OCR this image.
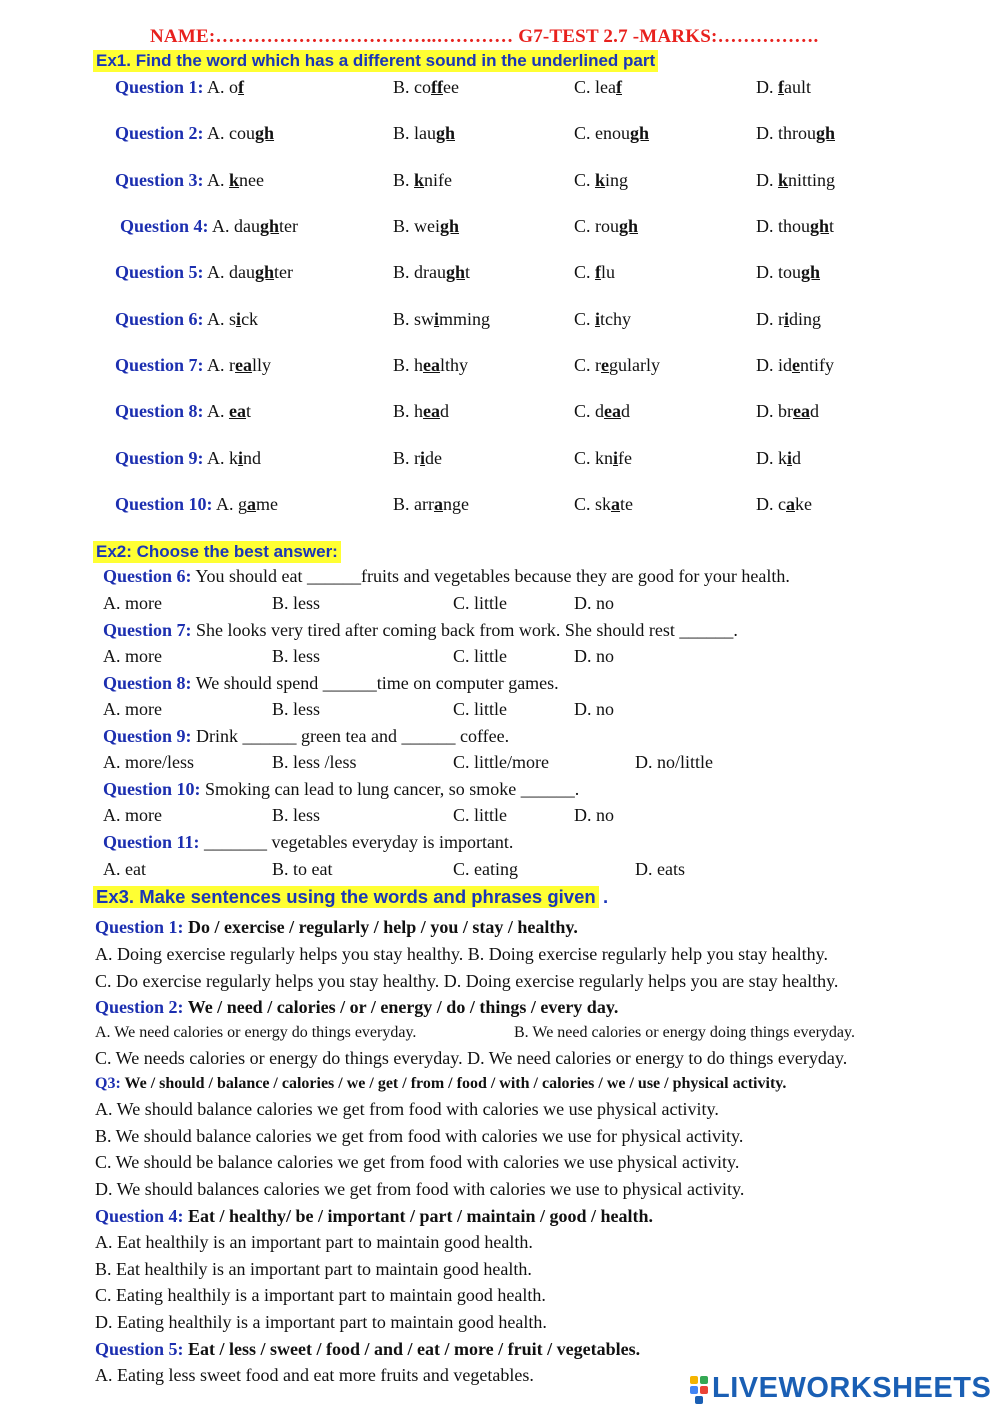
NAME:……………………………..………… G7-TEST 2.7 -MARKS:…………….
Ex1. Find the word which has a different sound in the underlined part
Question 1: A. of	B. coffee	C. leaf	D. fault
Question 2: A. cough	B. laugh	C. enough	D. through
Question 3: A. knee	B. knife	C. king	D. knitting
Question 4: A. daughter	B. weigh	C. rough	D. thought
Question 5: A. daughter	B. draught	C. flu	D. tough
Question 6: A. sick	B. swimming	C. itchy	D. riding
Question 7: A. really	B. healthy	C. regularly	D. identify
Question 8: A. eat	B. head	C. dead	D. bread
Question 9: A. kind	B. ride	C. knife	D. kid
Question 10: A. game	B. arrange	C. skate	D. cake
Ex2: Choose the best answer:
Question 6: You should eat ______fruits and vegetables because they are good for your health.
A. more	B. less	C. little	D. no
Question 7: She looks very tired after coming back from work. She should rest ______.
A. more	B. less	C. little	D. no
Question 8: We should spend ______time on computer games.
A. more	B. less	C. little	D. no
Question 9: Drink ______ green tea and ______ coffee.
A. more/less	B. less /less	C. little/more	D. no/little
Question 10: Smoking can lead to lung cancer, so smoke ______.
A. more	B. less	C. little	D. no
Question 11: _______ vegetables everyday is important.
A. eat	B. to eat	C. eating	D. eats
Ex3. Make sentences using the words and phrases given .
Question 1: Do / exercise / regularly / help / you / stay / healthy.
A. Doing exercise regularly helps you stay healthy. B. Doing exercise regularly help you stay healthy.
C. Do exercise regularly helps you stay healthy. D. Doing exercise regularly helps you are stay healthy.
Question 2: We / need / calories / or / energy / do / things / every day.
A. We need calories or energy do things everyday.	B. We need calories or energy doing things everyday.
C. We needs calories or energy do things everyday. D. We need calories or energy to do things everyday.
Q3: We / should / balance / calories / we / get / from / food / with / calories / we / use / physical activity.
A. We should balance calories we get from food with calories we use physical activity.
B. We should balance calories we get from food with calories we use for physical activity.
C. We should be balance calories we get from food with calories we use physical activity.
D. We should balances calories we get from food with calories we use to physical activity.
Question 4: Eat / healthy/ be / important / part / maintain / good / health.
A. Eat healthily is an important part to maintain good health.
B. Eat healthily is an important part to maintain good health.
C. Eating healthily is a important part to maintain good health.
D. Eating healthily is a important part to maintain good health.
Question 5: Eat / less / sweet / food / and / eat / more / fruit / vegetables.
A. Eating less sweet food and eat more fruits and vegetables.	LIVEWORKSHEETS
